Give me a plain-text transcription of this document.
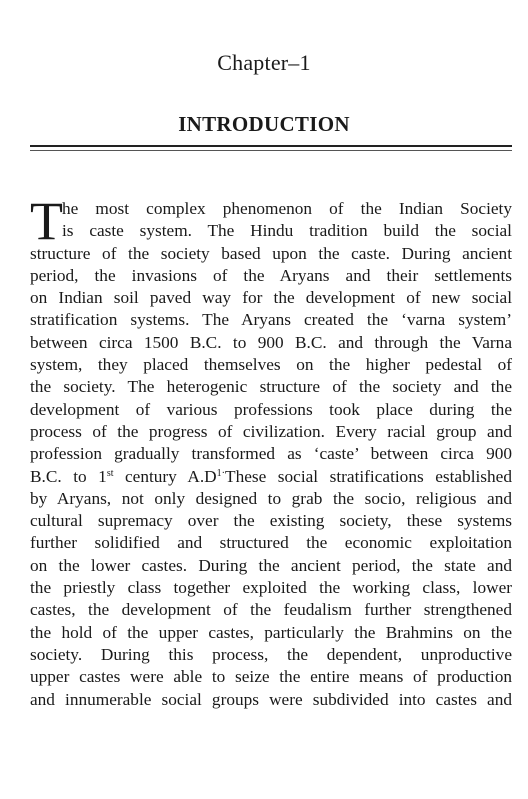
Chapter–1
INTRODUCTION
T he most complex phenomenon of the Indian Society
is caste system. The Hindu tradition build the social
structure of the society based upon the caste. During ancient
period, the invasions of the Aryans and their settlements
on Indian soil paved way for the development of new social
stratification systems. The Aryans created the ‘varna system’
between circa 1500 B.C. to 900 B.C. and through the Varna
system, they placed themselves on the higher pedestal of
the society. The heterogenic structure of the society and the
development of various professions took place during the
process of the progress of civilization. Every racial group and
profession gradually transformed as ‘caste’ between circa 900
B.C. to 1st century $A.D^{1\cdot}These$ social stratifications established
by Aryans, not only designed to grab the socio, religious and
cultural supremacy over the existing society, these systems
further solidified and structured the economic exploitation
on the lower castes. During the ancient period, the state and
the priestly class together exploited the working class, lower
castes, the development of the feudalism further strengthened
the hold of the upper castes, particularly the Brahmins on the
society. During this process, the dependent, unproductive
upper castes were able to seize the entire means of production
and innumerable social groups were subdivided into castes and
